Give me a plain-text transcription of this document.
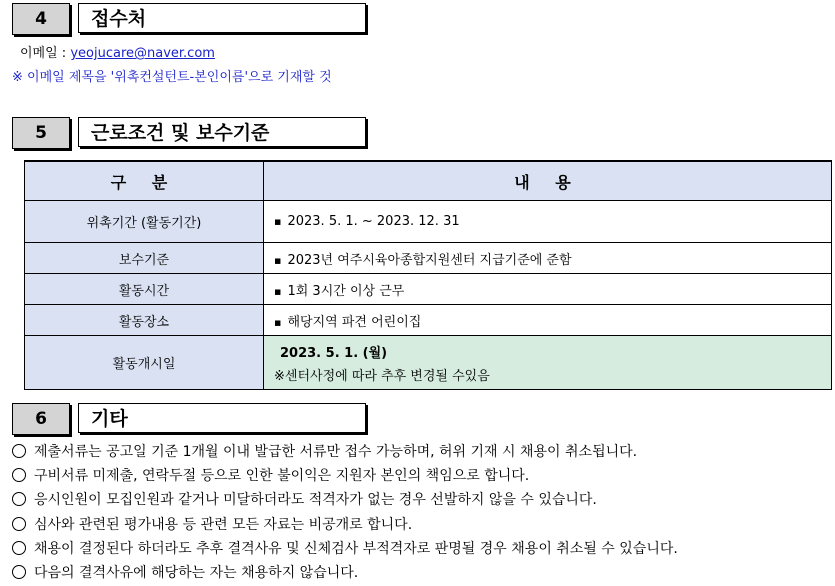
4	접수처
이메일 : yeojucare@naver.com
※ 이메일 제목을 '위촉컨설턴트-본인이름'으로 기재할 것
5	근로조건 및 보수기준
구 분	내 용
위촉기간 (활동기간)	▪ 2023. 5. 1. ~ 2023. 12. 31
보수기준	▪ 2023년 여주시육아종합지원센터 지급기준에 준함
활동시간	▪ 1회 3시간 이상 근무
활동장소	▪ 해당지역 파견 어린이집
활동개시일	2023. 5. 1. (월)
※센터사정에 따라 추후 변경될 수있음
6	기타
제출서류는 공고일 기준 1개월 이내 발급한 서류만 접수 가능하며, 허위 기재 시 채용이 취소됩니다.
구비서류 미제출, 연락두절 등으로 인한 불이익은 지원자 본인의 책임으로 합니다.
응시인원이 모집인원과 같거나 미달하더라도 적격자가 없는 경우 선발하지 않을 수 있습니다.
심사와 관련된 평가내용 등 관련 모든 자료는 비공개로 합니다.
채용이 결정된다 하더라도 추후 결격사유 및 신체검사 부적격자로 판명될 경우 채용이 취소될 수 있습니다.
다음의 결격사유에 해당하는 자는 채용하지 않습니다.
